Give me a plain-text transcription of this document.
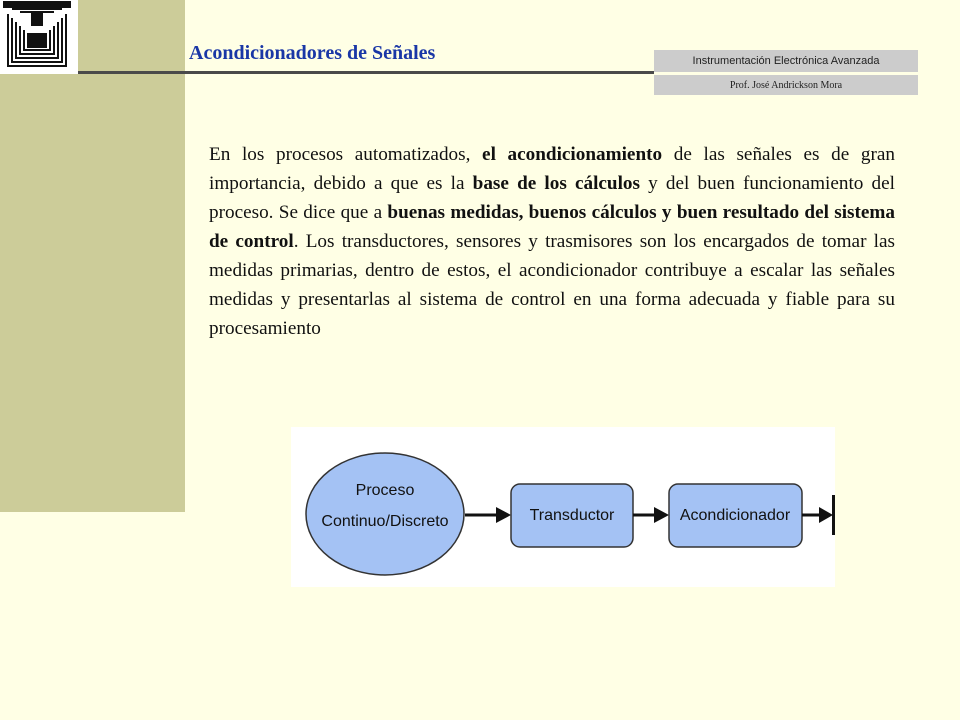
Acondicionadores de Señales	Instrumentación Electrónica Avanzada
Prof. José Andrickson Mora

En los procesos automatizados, el acondicionamiento de las señales es de gran importancia, debido a que es la base de los cálculos y del buen funcionamiento del proceso. Se dice que a buenas medidas, buenos cálculos y buen resultado del sistema de control. Los transductores, sensores y trasmisores son los encargados de tomar las medidas primarias, dentro de estos, el acondicionador contribuye a escalar las señales medidas y presentarlas al sistema de control en una forma adecuada y fiable para su procesamiento

Proceso
Continuo/Discreto	Transductor	Acondicionador
